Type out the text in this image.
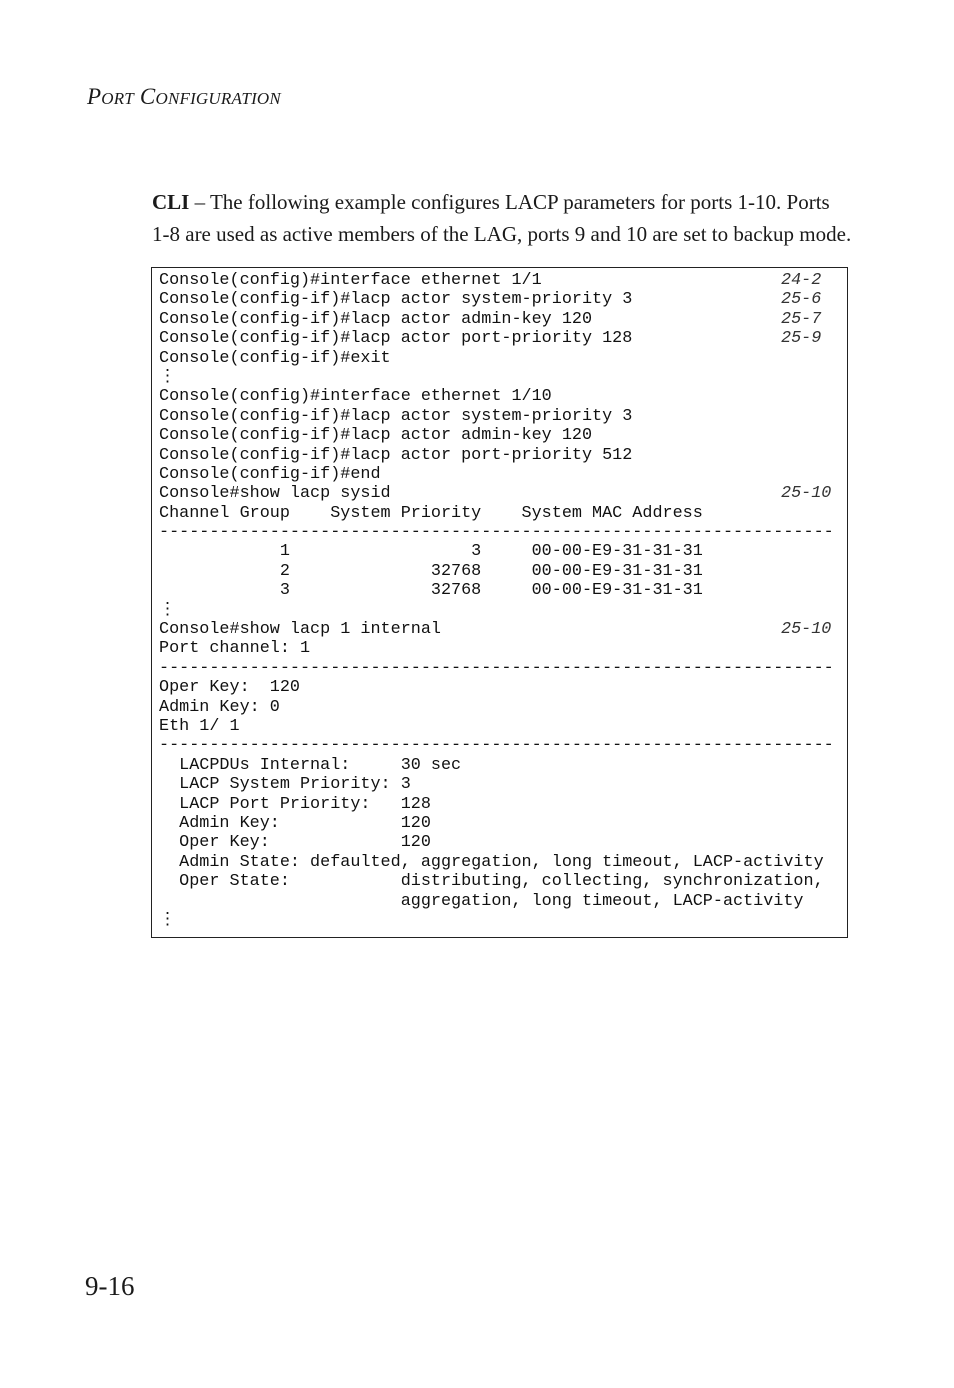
PORT CONFIGURATION

CLI – The following example configures LACP parameters for ports 1-10. Ports 1-8 are used as active members of the LAG, ports 9 and 10 are set to backup mode.

Console(config)#interface ethernet 1/1	24-2
Console(config-if)#lacp actor system-priority 3	25-6
Console(config-if)#lacp actor admin-key 120	25-7
Console(config-if)#lacp actor port-priority 128	25-9
Console(config-if)#exit
⋮
Console(config)#interface ethernet 1/10
Console(config-if)#lacp actor system-priority 3
Console(config-if)#lacp actor admin-key 120
Console(config-if)#lacp actor port-priority 512
Console(config-if)#end
Console#show lacp sysid	25-10
Channel Group    System Priority    System MAC Address
-------------------------------------------------------------------
1                  3     00-00-E9-31-31-31
2              32768     00-00-E9-31-31-31
3              32768     00-00-E9-31-31-31
⋮
Console#show lacp 1 internal	25-10
Port channel: 1
-------------------------------------------------------------------
Oper Key:  120
Admin Key: 0
Eth 1/ 1
-------------------------------------------------------------------
LACPDUs Internal:     30 sec
LACP System Priority: 3
LACP Port Priority:   128
Admin Key:            120
Oper Key:             120
Admin State: defaulted, aggregation, long timeout, LACP-activity
Oper State:           distributing, collecting, synchronization,
aggregation, long timeout, LACP-activity
⋮
9-16
